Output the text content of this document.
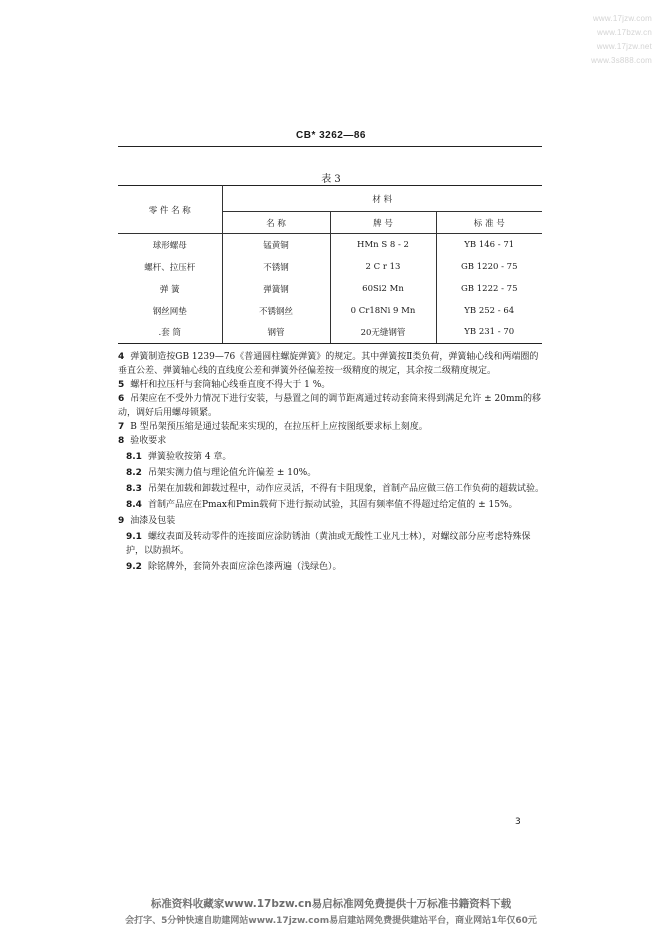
www.17jzw.com
www.17bzw.cn
www.17jzw.net
www.3s888.com
CB* 3262—86
表 3
零 件 名 称	材 料		
	名 称	牌 号	标 准 号
球形螺母	锰黄铜	HMn S 8 - 2	YB 146 - 71
螺杆、拉压杆	不锈钢	2 C r 13	GB 1220 - 75
弹 簧	弹簧钢	60Si2 Mn	GB 1222 - 75
钢丝网垫	不锈钢丝	0 Cr18Ni 9 Mn	YB 252 - 64
.套 筒	钢管	20无缝钢管	YB 231 - 70
4 弹簧制造按GB 1239—76《普通圆柱螺旋弹簧》的规定。其中弹簧按Ⅱ类负荷，弹簧轴心线和两端圈的垂直公差、弹簧轴心线的直线度公差和弹簧外径偏差按一级精度的规定，其余按二级精度规定。
5 螺杆和拉压杆与套筒轴心线垂直度不得大于 1 %。
6 吊架应在不受外力情况下进行安装，与悬置之间的调节距离通过转动套筒来得到满足允许 ± 20mm的移动，调好后用螺母锁紧。
7 B 型吊架预压缩是通过装配来实现的，在拉压杆上应按图纸要求标上刻度。
8 验收要求
8.1 弹簧验收按第 4 章。
8.2 吊架实测力值与理论值允许偏差 ± 10%。
8.3 吊架在加载和卸载过程中，动作应灵活，不得有卡阻现象，首制产品应做三倍工作负荷的超载试验。
8.4 首制产品应在Pmax和Pmin载荷下进行振动试验，其固有频率值不得超过给定值的 ± 15%。
9 油漆及包装
9.1 螺纹表面及转动零件的连接面应涂防锈油（黄油或无酸性工业凡士林），对螺纹部分应考虑特殊保护，以防损坏。
9.2 除铭牌外，套筒外表面应涂色漆两遍（浅绿色）。
3
标准资料收藏家www.17bzw.cn易启标准网免费提供十万标准书籍资料下载
会打字、5分钟快速自助建网站www.17jzw.com易启建站网免费提供建站平台，商业网站1年仅60元
